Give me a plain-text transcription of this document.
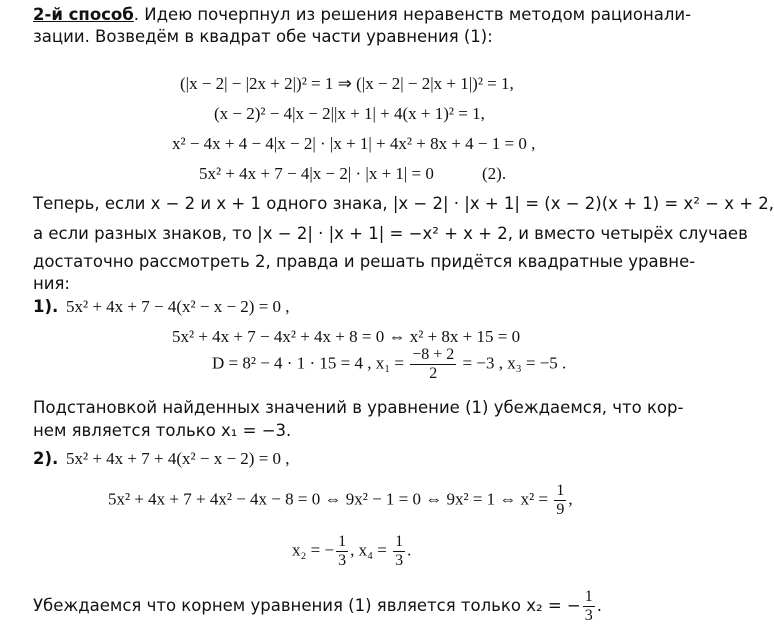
2-й способ. Идею почерпнул из решения неравенств методом рационали-
зации. Возведём в квадрат обе части уравнения (1):
(|x − 2| − |2x + 2|)² = 1 ⇒ (|x − 2| − 2|x + 1|)² = 1,
(x − 2)² − 4|x − 2||x + 1| + 4(x + 1)² = 1,
x² − 4x + 4 − 4|x − 2| · |x + 1| + 4x² + 8x + 4 − 1 = 0 ,
5x² + 4x + 7 − 4|x − 2| · |x + 1| = 0	(2).
Теперь, если x − 2 и x + 1 одного знака, |x − 2| · |x + 1| = (x − 2)(x + 1) = x² − x + 2,
а если разных знаков, то |x − 2| · |x + 1| = −x² + x + 2, и вместо четырёх случаев
достаточно рассмотреть 2, правда и решать придётся квадратные уравне-
ния:
1). 5x² + 4x + 7 − 4(x² − x − 2) = 0 ,
5x² + 4x + 7 − 4x² + 4x + 8 = 0 ⇔ x² + 8x + 15 = 0
D = 8² − 4 · 1 · 15 = 4 , $x_1 = \frac{-8 + 2}{2} = -3$ , x₃ = −5 .
Подстановкой найденных значений в уравнение (1) убеждаемся, что кор-
нем является только x₁ = −3.
2). 5x² + 4x + 7 + 4(x² − x − 2) = 0 ,
5x² + 4x + 7 + 4x² − 4x − 8 = 0 ⇔ 9x² − 1 = 0 ⇔ 9x² = 1 ⇔ $x^2 = \frac{1}{9}$ ,
x₂ = − $\frac{1}{3}$ , $x_4 = \frac{1}{3}$ .
Убеждаемся что корнем уравнения (1) является только x₂ = − $\frac{1}{3}$ .
